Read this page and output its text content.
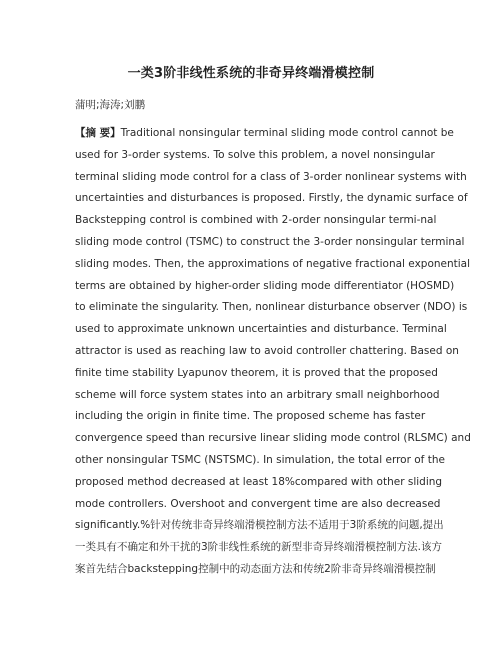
一类3阶非线性系统的非奇异终端滑模控制
蒲明;海涛;刘鹏
【摘 要】Traditional nonsingular terminal sliding mode control cannot be
used for 3-order systems. To solve this problem, a novel nonsingular
terminal sliding mode control for a class of 3-order nonlinear systems with
uncertainties and disturbances is proposed. Firstly, the dynamic surface of
Backstepping control is combined with 2-order nonsingular termi-nal
sliding mode control (TSMC) to construct the 3-order nonsingular terminal
sliding modes. Then, the approximations of negative fractional exponential
terms are obtained by higher-order sliding mode differentiator (HOSMD)
to eliminate the singularity. Then, nonlinear disturbance observer (NDO) is
used to approximate unknown uncertainties and disturbance. Terminal
attractor is used as reaching law to avoid controller chattering. Based on
finite time stability Lyapunov theorem, it is proved that the proposed
scheme will force system states into an arbitrary small neighborhood
including the origin in finite time. The proposed scheme has faster
convergence speed than recursive linear sliding mode control (RLSMC) and
other nonsingular TSMC (NSTSMC). In simulation, the total error of the
proposed method decreased at least 18%compared with other sliding
mode controllers. Overshoot and convergent time are also decreased
significantly.%针对传统非奇异终端滑模控制方法不适用于3阶系统的问题,提出
一类具有不确定和外干扰的3阶非线性系统的新型非奇异终端滑模控制方法.该方
案首先结合backstepping控制中的动态面方法和传统2阶非奇异终端滑模控制
